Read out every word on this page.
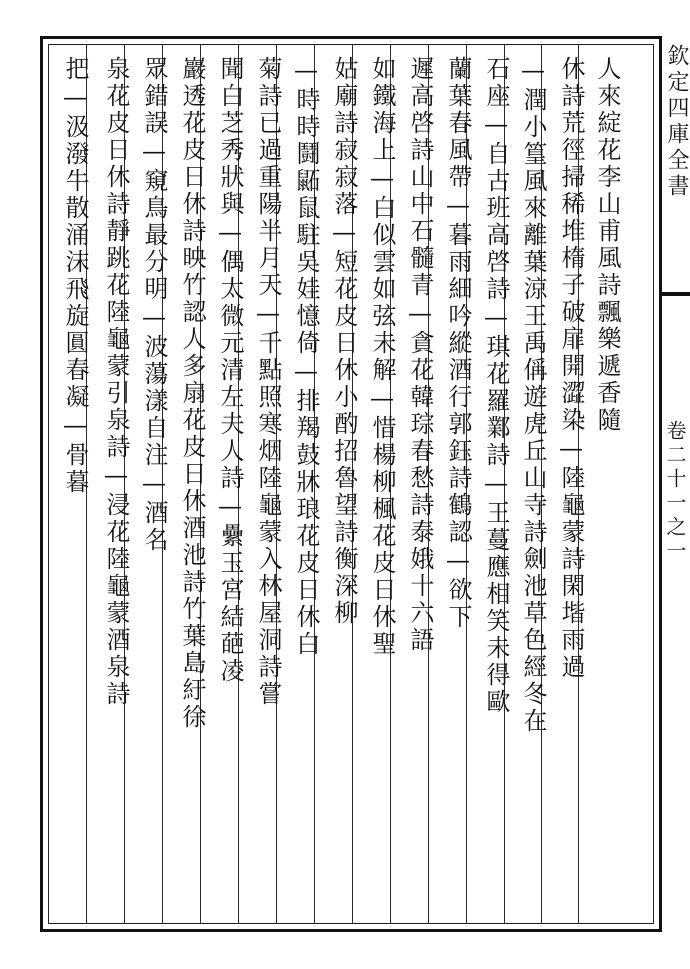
欽定四庫全書
卷二十一之一
人來綻花李山甫風詩飄樂遞香隨
休詩荒徑掃稀堆楕子破扉開澀染—陸龜蒙詩閑堦雨過
—潤小篁風來離葉涼王禹偁遊虎丘山寺詩劍池草色經冬在
石座—自古班高啓詩—琪花羅鄴詩—王蔓應相笑未得歐
蘭葉春風帶—暮雨細吟縱酒行郭鈺詩鶴認—欲下
遲高啓詩山中石髓青—貪花韓琮春愁詩泰娥十六語
如鐵海上—白似雲如弦未解—惜楊柳楓花皮日休聖
姑廟詩寂寂落—短花皮日休小酌招魯望詩衡深柳
—時時鬪鼫鼠駐吳娃憶倚—排羯鼓牀琅花皮日休白
菊詩已過重陽半月天—千點照寒烟陸龜蒙入林屋洞詩嘗
聞白芝秀狀與—偶太微元清左夫人詩—纍玉宮結葩凌
巖透花皮日休詩映竹認人多扇花皮日休酒池詩竹葉島紆徐
眾錯誤—窺鳥最分明—波蕩漾自注—酒名
泉花皮日休詩靜跳花陸龜蒙引泉詩—浸花陸龜蒙酒泉詩
把—汲潑牛散涌沫飛旋圓春凝—骨暮
